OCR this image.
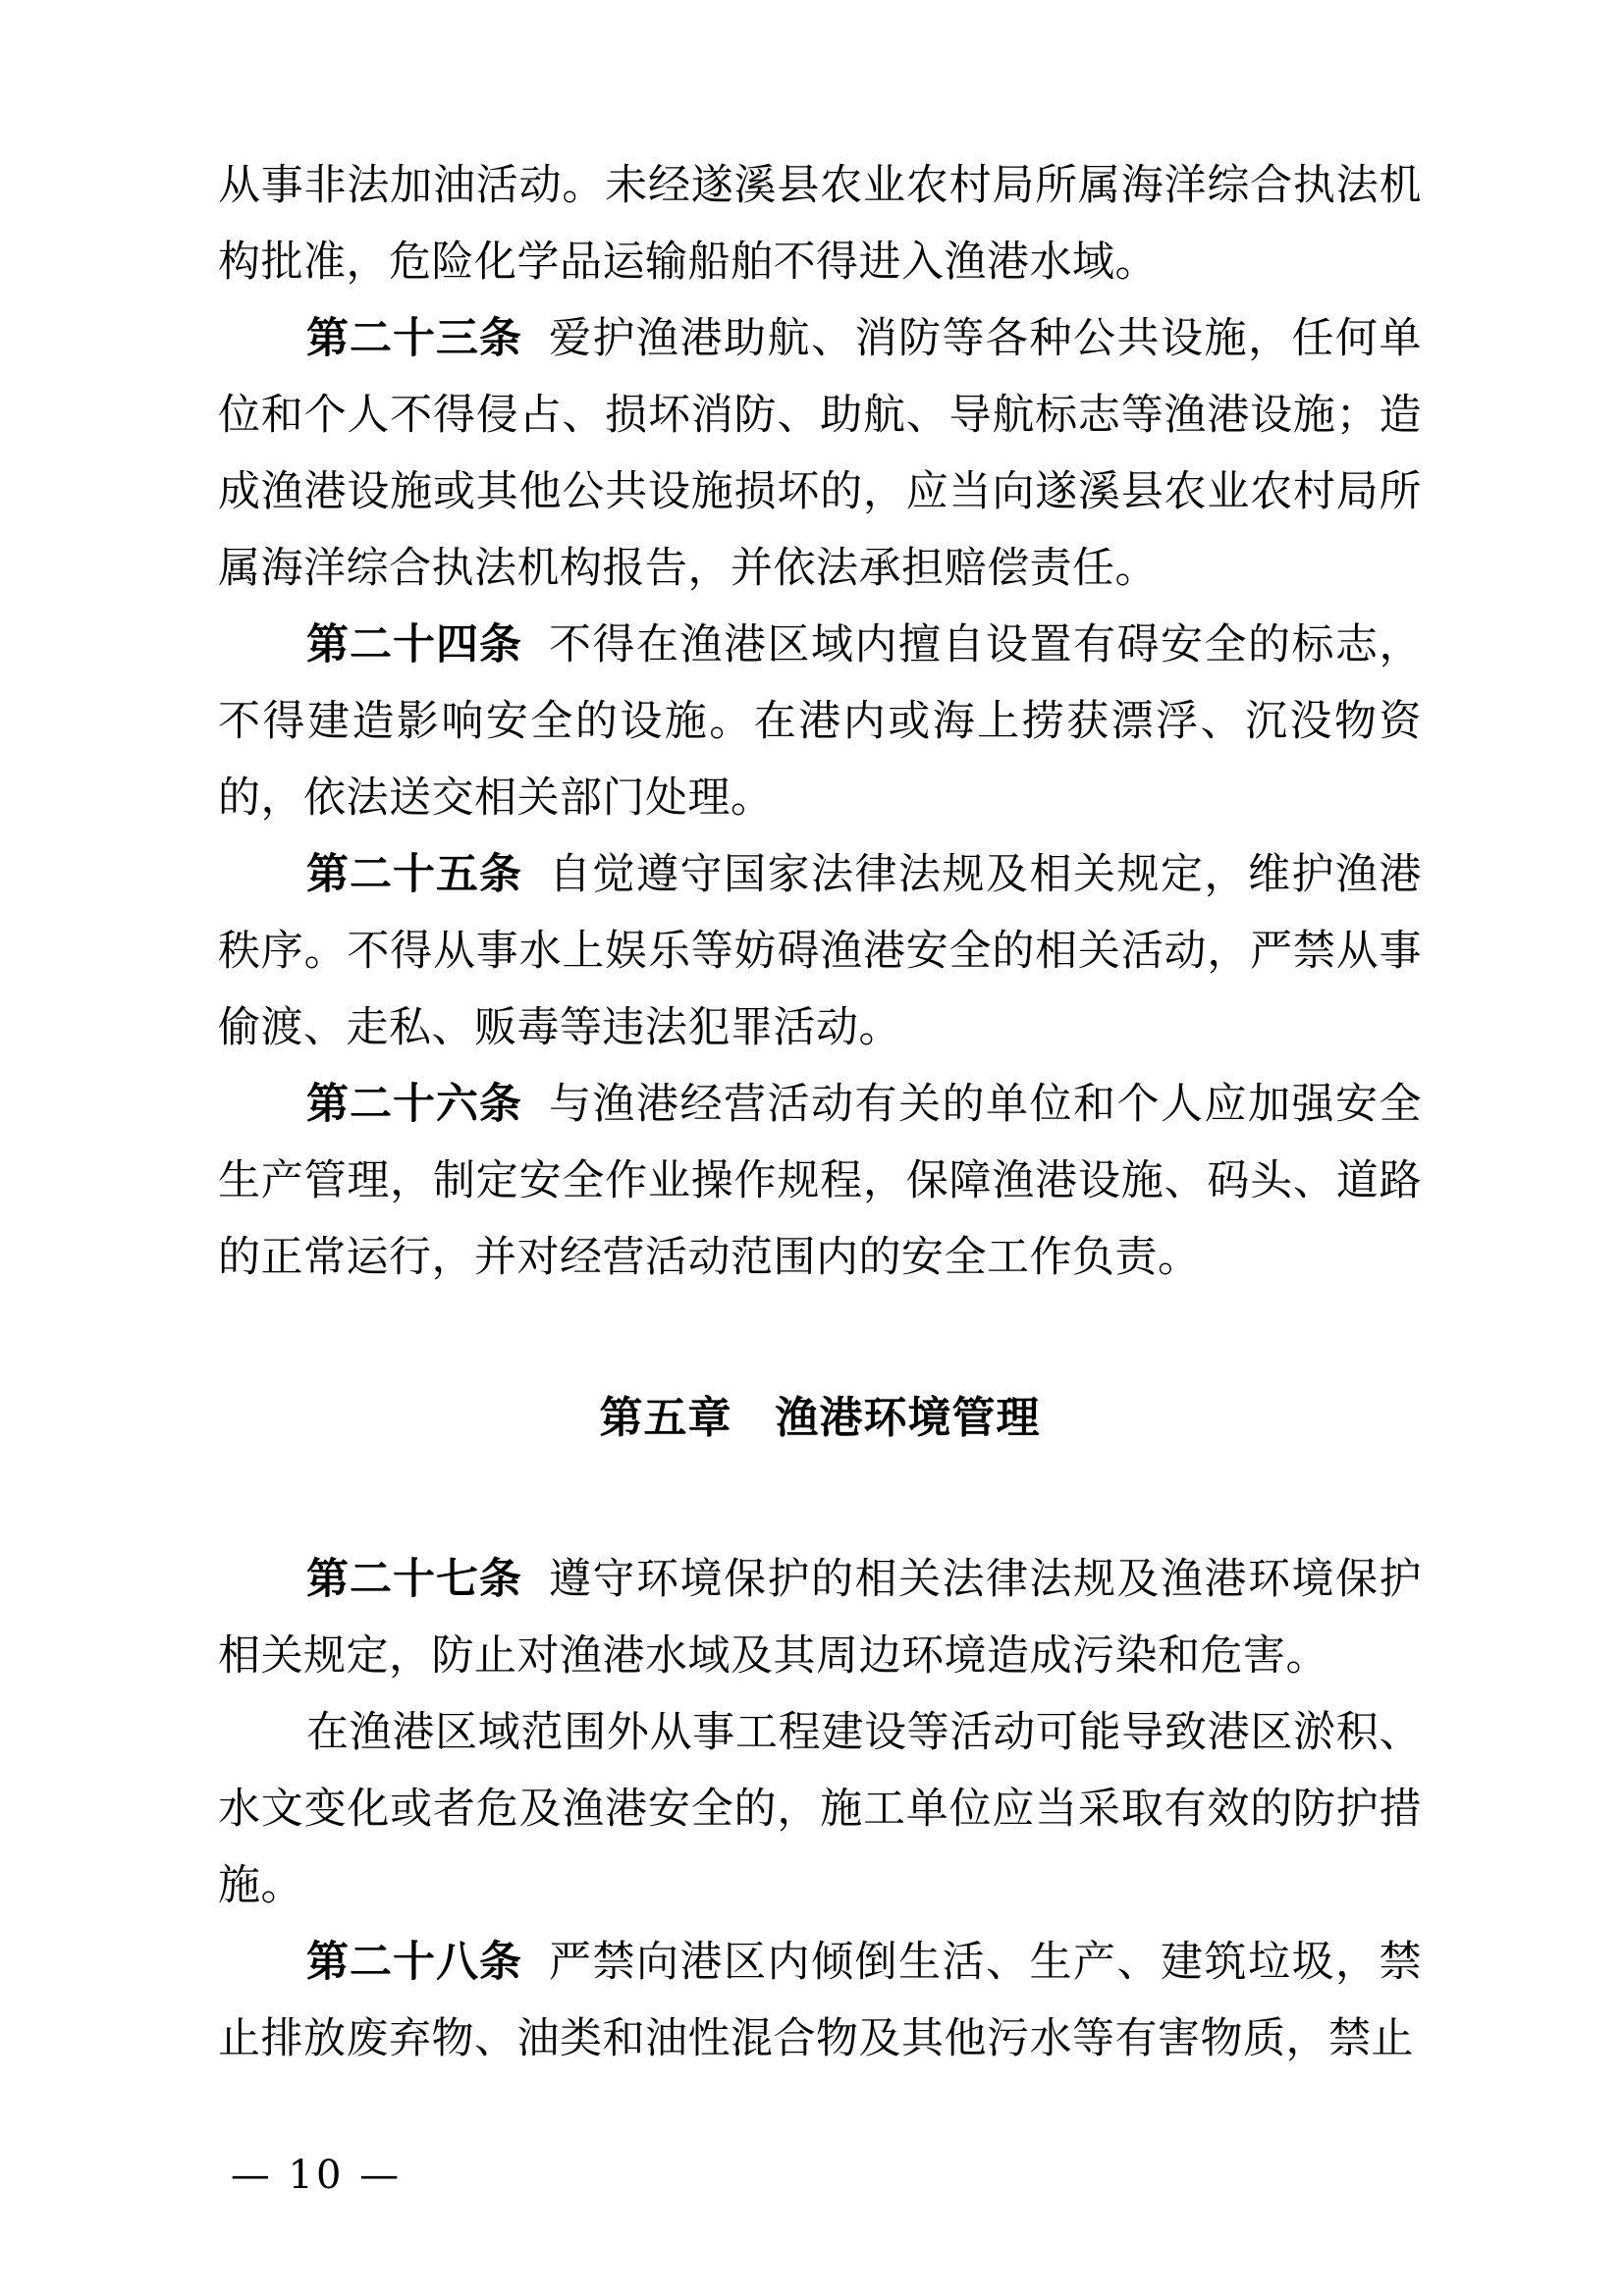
从事非法加油活动。未经遂溪县农业农村局所属海洋综合执法机构批准，危险化学品运输船舶不得进入渔港水域。

第二十三条 爱护渔港助航、消防等各种公共设施，任何单位和个人不得侵占、损坏消防、助航、导航标志等渔港设施；造成渔港设施或其他公共设施损坏的，应当向遂溪县农业农村局所属海洋综合执法机构报告，并依法承担赔偿责任。

第二十四条 不得在渔港区域内擅自设置有碍安全的标志，不得建造影响安全的设施。在港内或海上捞获漂浮、沉没物资的，依法送交相关部门处理。

第二十五条 自觉遵守国家法律法规及相关规定，维护渔港秩序。不得从事水上娱乐等妨碍渔港安全的相关活动，严禁从事偷渡、走私、贩毒等违法犯罪活动。

第二十六条 与渔港经营活动有关的单位和个人应加强安全生产管理，制定安全作业操作规程，保障渔港设施、码头、道路的正常运行，并对经营活动范围内的安全工作负责。

第五章 渔港环境管理

第二十七条 遵守环境保护的相关法律法规及渔港环境保护相关规定，防止对渔港水域及其周边环境造成污染和危害。

在渔港区域范围外从事工程建设等活动可能导致港区淤积、水文变化或者危及渔港安全的，施工单位应当采取有效的防护措施。

第二十八条 严禁向港区内倾倒生活、生产、建筑垃圾，禁止排放废弃物、油类和油性混合物及其他污水等有害物质，禁止

— 10 —
